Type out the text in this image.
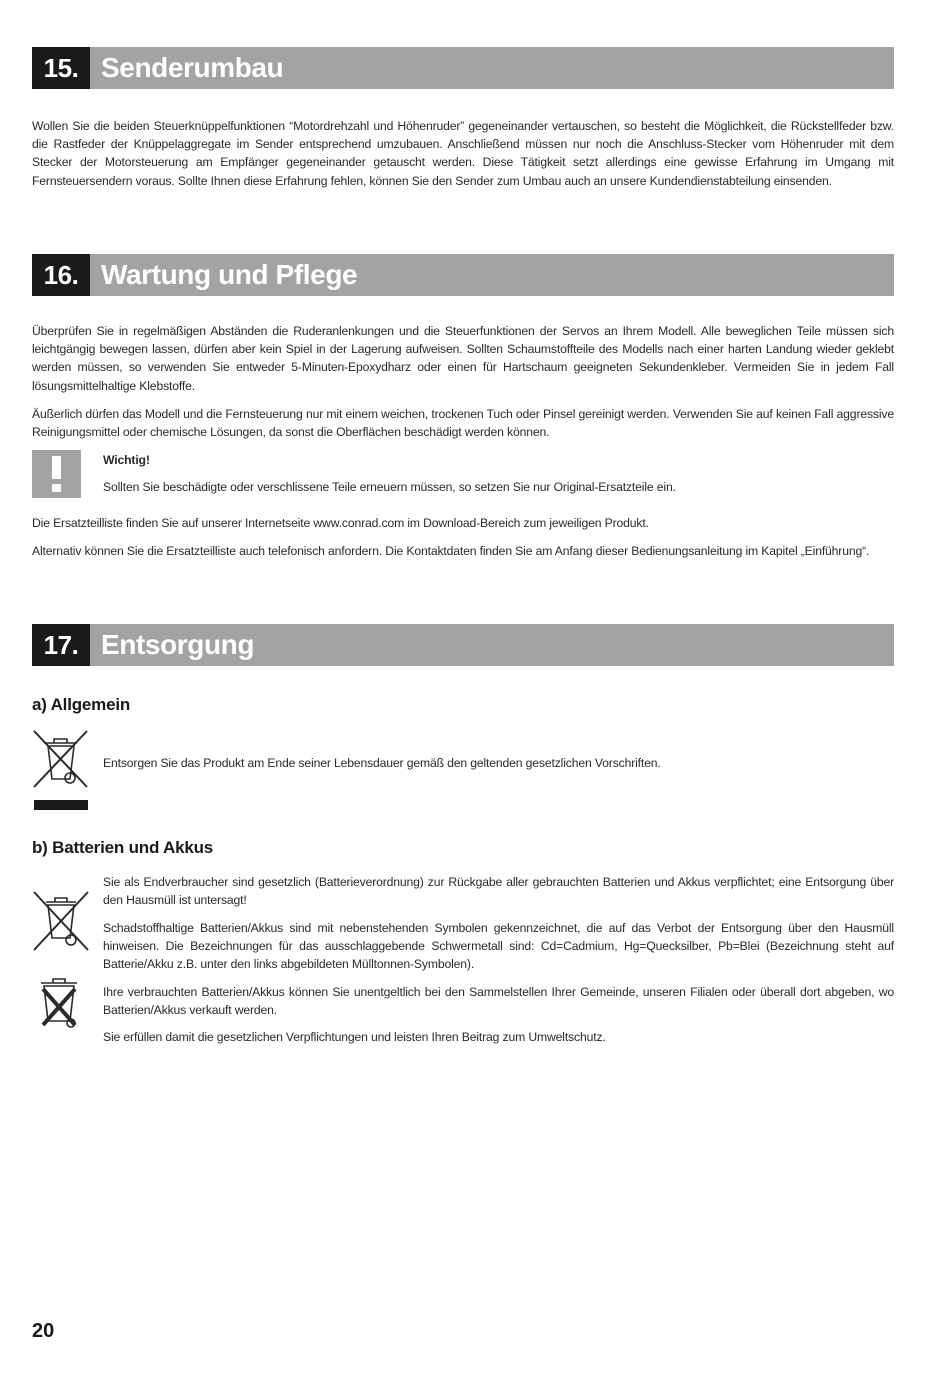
15. Senderumbau
Wollen Sie die beiden Steuerknüppelfunktionen “Motordrehzahl und Höhenruder” gegeneinander vertauschen, so besteht die Möglichkeit, die Rückstellfeder bzw. die Rastfeder der Knüppelaggregate im Sender entsprechend umzubauen. Anschließend müssen nur noch die Anschluss-Stecker vom Höhenruder mit dem Stecker der Motorsteuerung am Empfänger gegeneinander getauscht werden. Diese Tätigkeit setzt allerdings eine gewisse Erfahrung im Umgang mit Fernsteuersendern voraus. Sollte Ihnen diese Erfahrung fehlen, können Sie den Sender zum Umbau auch an unsere Kundendienstabteilung einsenden.
16. Wartung und Pflege
Überprüfen Sie in regelmäßigen Abständen die Ruderanlenkungen und die Steuerfunktionen der Servos an Ihrem Modell. Alle beweglichen Teile müssen sich leichtgängig bewegen lassen, dürfen aber kein Spiel in der Lagerung aufweisen. Sollten Schaumstoffteile des Modells nach einer harten Landung wieder geklebt werden müssen, so verwenden Sie entweder 5-Minuten-Epoxydharz oder einen für Hartschaum geeigneten Sekundenkleber. Vermeiden Sie in jedem Fall lösungsmittelhaltige Klebstoffe.
Äußerlich dürfen das Modell und die Fernsteuerung nur mit einem weichen, trockenen Tuch oder Pinsel gereinigt werden. Verwenden Sie auf keinen Fall aggressive Reinigungsmittel oder chemische Lösungen, da sonst die Oberflächen beschädigt werden können.
Wichtig!
Sollten Sie beschädigte oder verschlissene Teile erneuern müssen, so setzen Sie nur Original-Ersatzteile ein.
Die Ersatzteilliste finden Sie auf unserer Internetseite www.conrad.com im Download-Bereich zum jeweiligen Produkt.
Alternativ können Sie die Ersatzteilliste auch telefonisch anfordern. Die Kontaktdaten finden Sie am Anfang dieser Bedienungsanleitung im Kapitel „Einführung“.
17. Entsorgung
a) Allgemein
Entsorgen Sie das Produkt am Ende seiner Lebensdauer gemäß den geltenden gesetzlichen Vorschriften.
b) Batterien und Akkus
Sie als Endverbraucher sind gesetzlich (Batterieverordnung) zur Rückgabe aller gebrauchten Batterien und Akkus verpflichtet; eine Entsorgung über den Hausmüll ist untersagt!
Schadstoffhaltige Batterien/Akkus sind mit nebenstehenden Symbolen gekennzeichnet, die auf das Verbot der Entsorgung über den Hausmüll hinweisen. Die Bezeichnungen für das ausschlaggebende Schwermetall sind: Cd=Cadmium, Hg=Quecksilber, Pb=Blei (Bezeichnung steht auf Batterie/Akku z.B. unter den links abgebildeten Mülltonnen-Symbolen).
Ihre verbrauchten Batterien/Akkus können Sie unentgeltlich bei den Sammelstellen Ihrer Gemeinde, unseren Filialen oder überall dort abgeben, wo Batterien/Akkus verkauft werden.
Sie erfüllen damit die gesetzlichen Verpflichtungen und leisten Ihren Beitrag zum Umweltschutz.
20
